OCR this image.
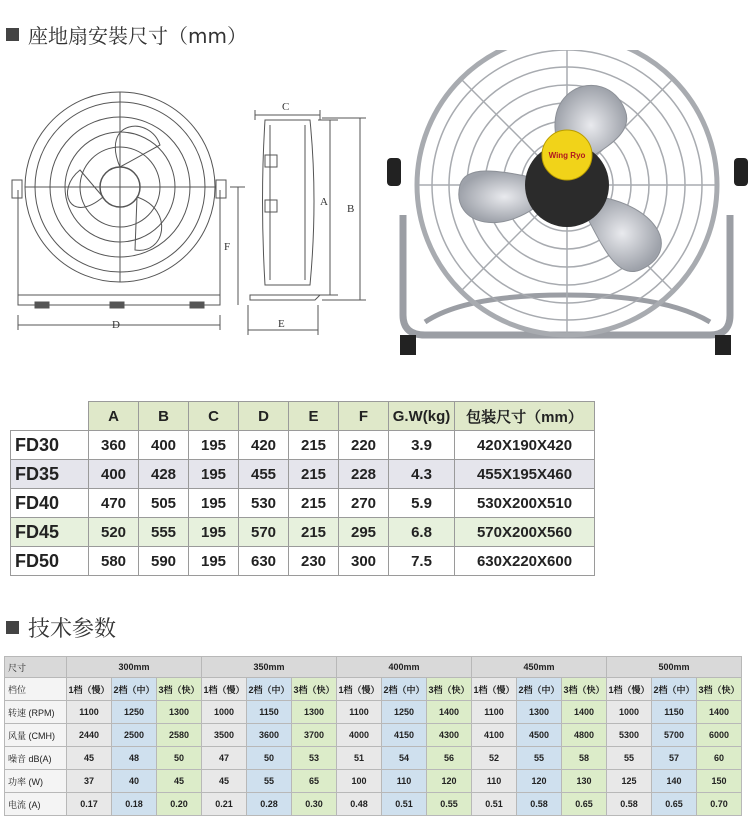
座地扇安裝尺寸（mm）
D
F
C
A
B
E
Wing Ryo
	A	B	C	D	E	F	G.W(kg)	包装尺寸（mm）
FD30	360	400	195	420	215	220	3.9	420X190X420
FD35	400	428	195	455	215	228	4.3	455X195X460
FD40	470	505	195	530	215	270	5.9	530X200X510
FD45	520	555	195	570	215	295	6.8	570X200X560
FD50	580	590	195	630	230	300	7.5	630X220X600
技术参数
尺寸	300mm			350mm			400mm			450mm			500mm		
档位	1档（慢）	2档（中）	3档（快）	1档（慢）	2档（中）	3档（快）	1档（慢）	2档（中）	3档（快）	1档（慢）	2档（中）	3档（快）	1档（慢）	2档（中）	3档（快）
转速 (RPM)	1100	1250	1300	1000	1150	1300	1100	1250	1400	1100	1300	1400	1000	1150	1400
风量 (CMH)	2440	2500	2580	3500	3600	3700	4000	4150	4300	4100	4500	4800	5300	5700	6000
噪音 dB(A)	45	48	50	47	50	53	51	54	56	52	55	58	55	57	60
功率 (W)	37	40	45	45	55	65	100	110	120	110	120	130	125	140	150
电流 (A)	0.17	0.18	0.20	0.21	0.28	0.30	0.48	0.51	0.55	0.51	0.58	0.65	0.58	0.65	0.70
